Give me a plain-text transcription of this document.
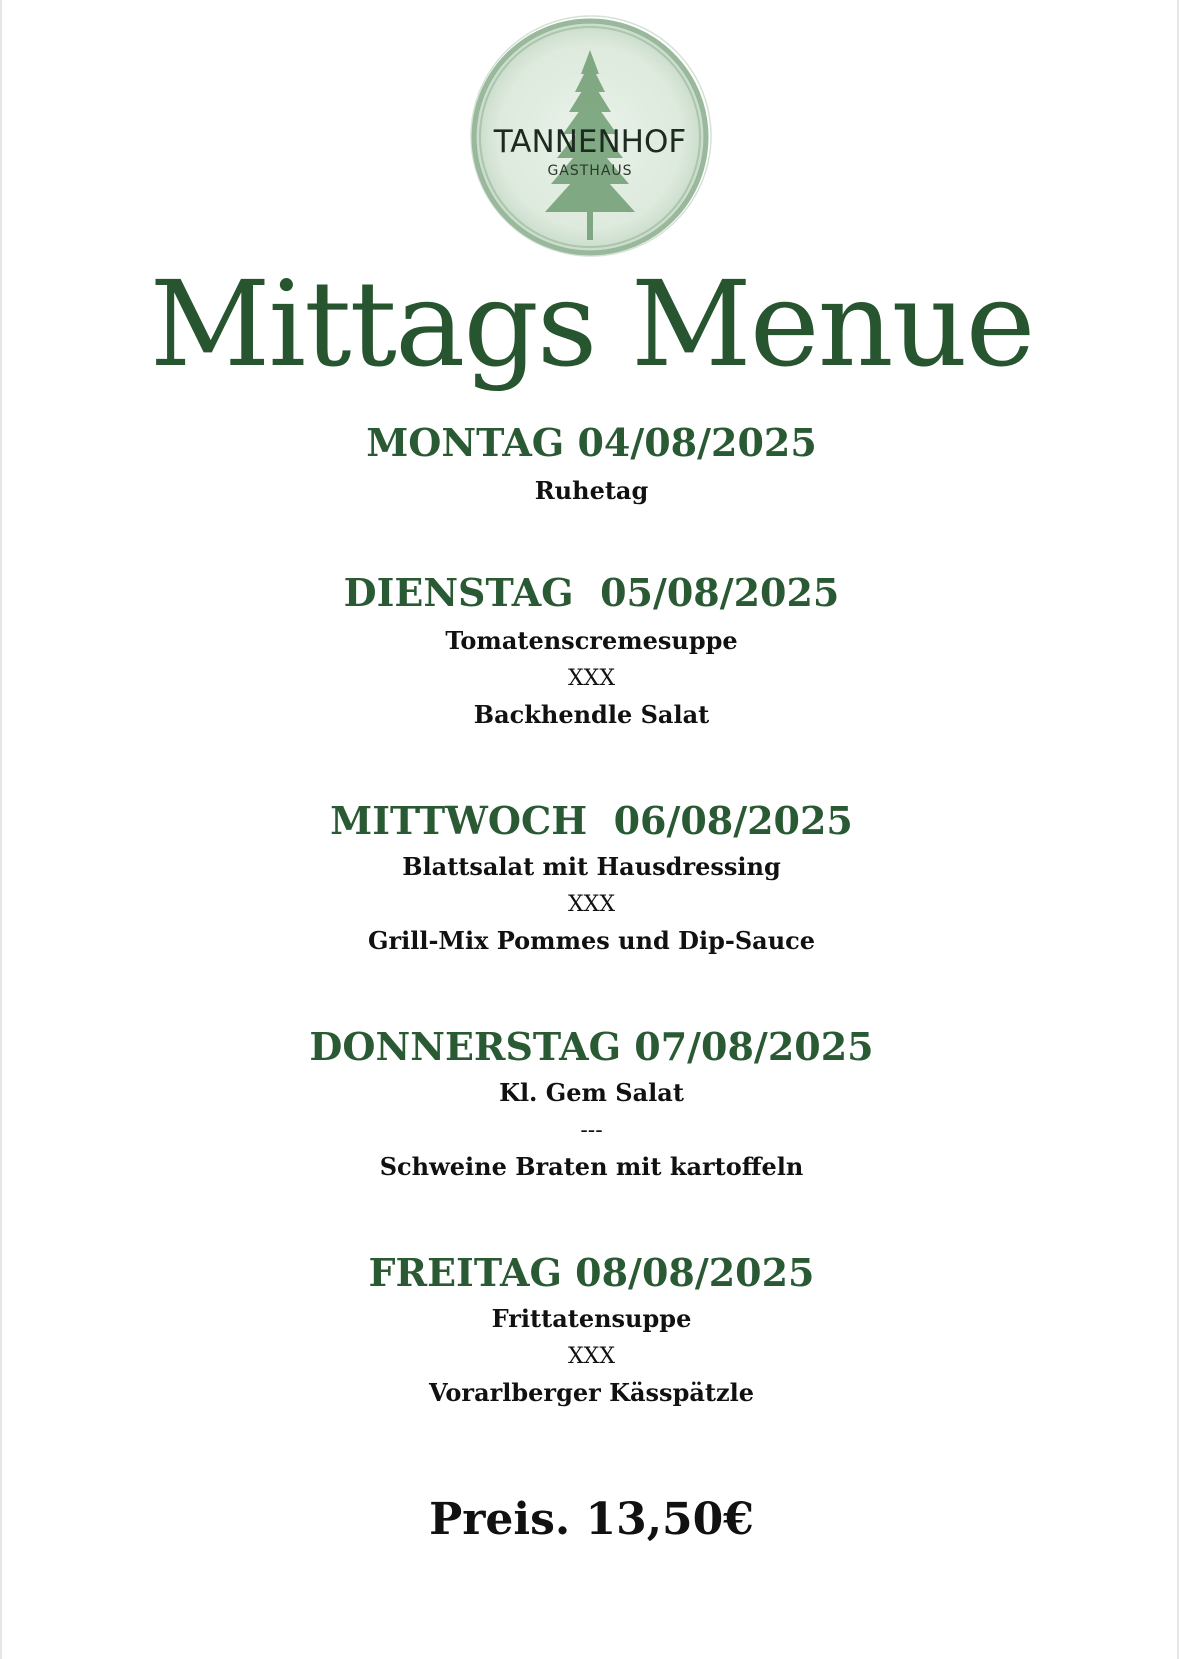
TANNENHOF
GASTHAUS
Mittags Menue
MONTAG 04/08/2025
Ruhetag
DIENSTAG  05/08/2025
Tomatenscremesuppe
XXX
Backhendle Salat
MITTWOCH  06/08/2025
Blattsalat mit Hausdressing
XXX
Grill-Mix Pommes und Dip-Sauce
DONNERSTAG 07/08/2025
Kl. Gem Salat
---
Schweine Braten mit kartoffeln
FREITAG 08/08/2025
Frittatensuppe
XXX
Vorarlberger Kässpätzle
Preis. 13,50€
